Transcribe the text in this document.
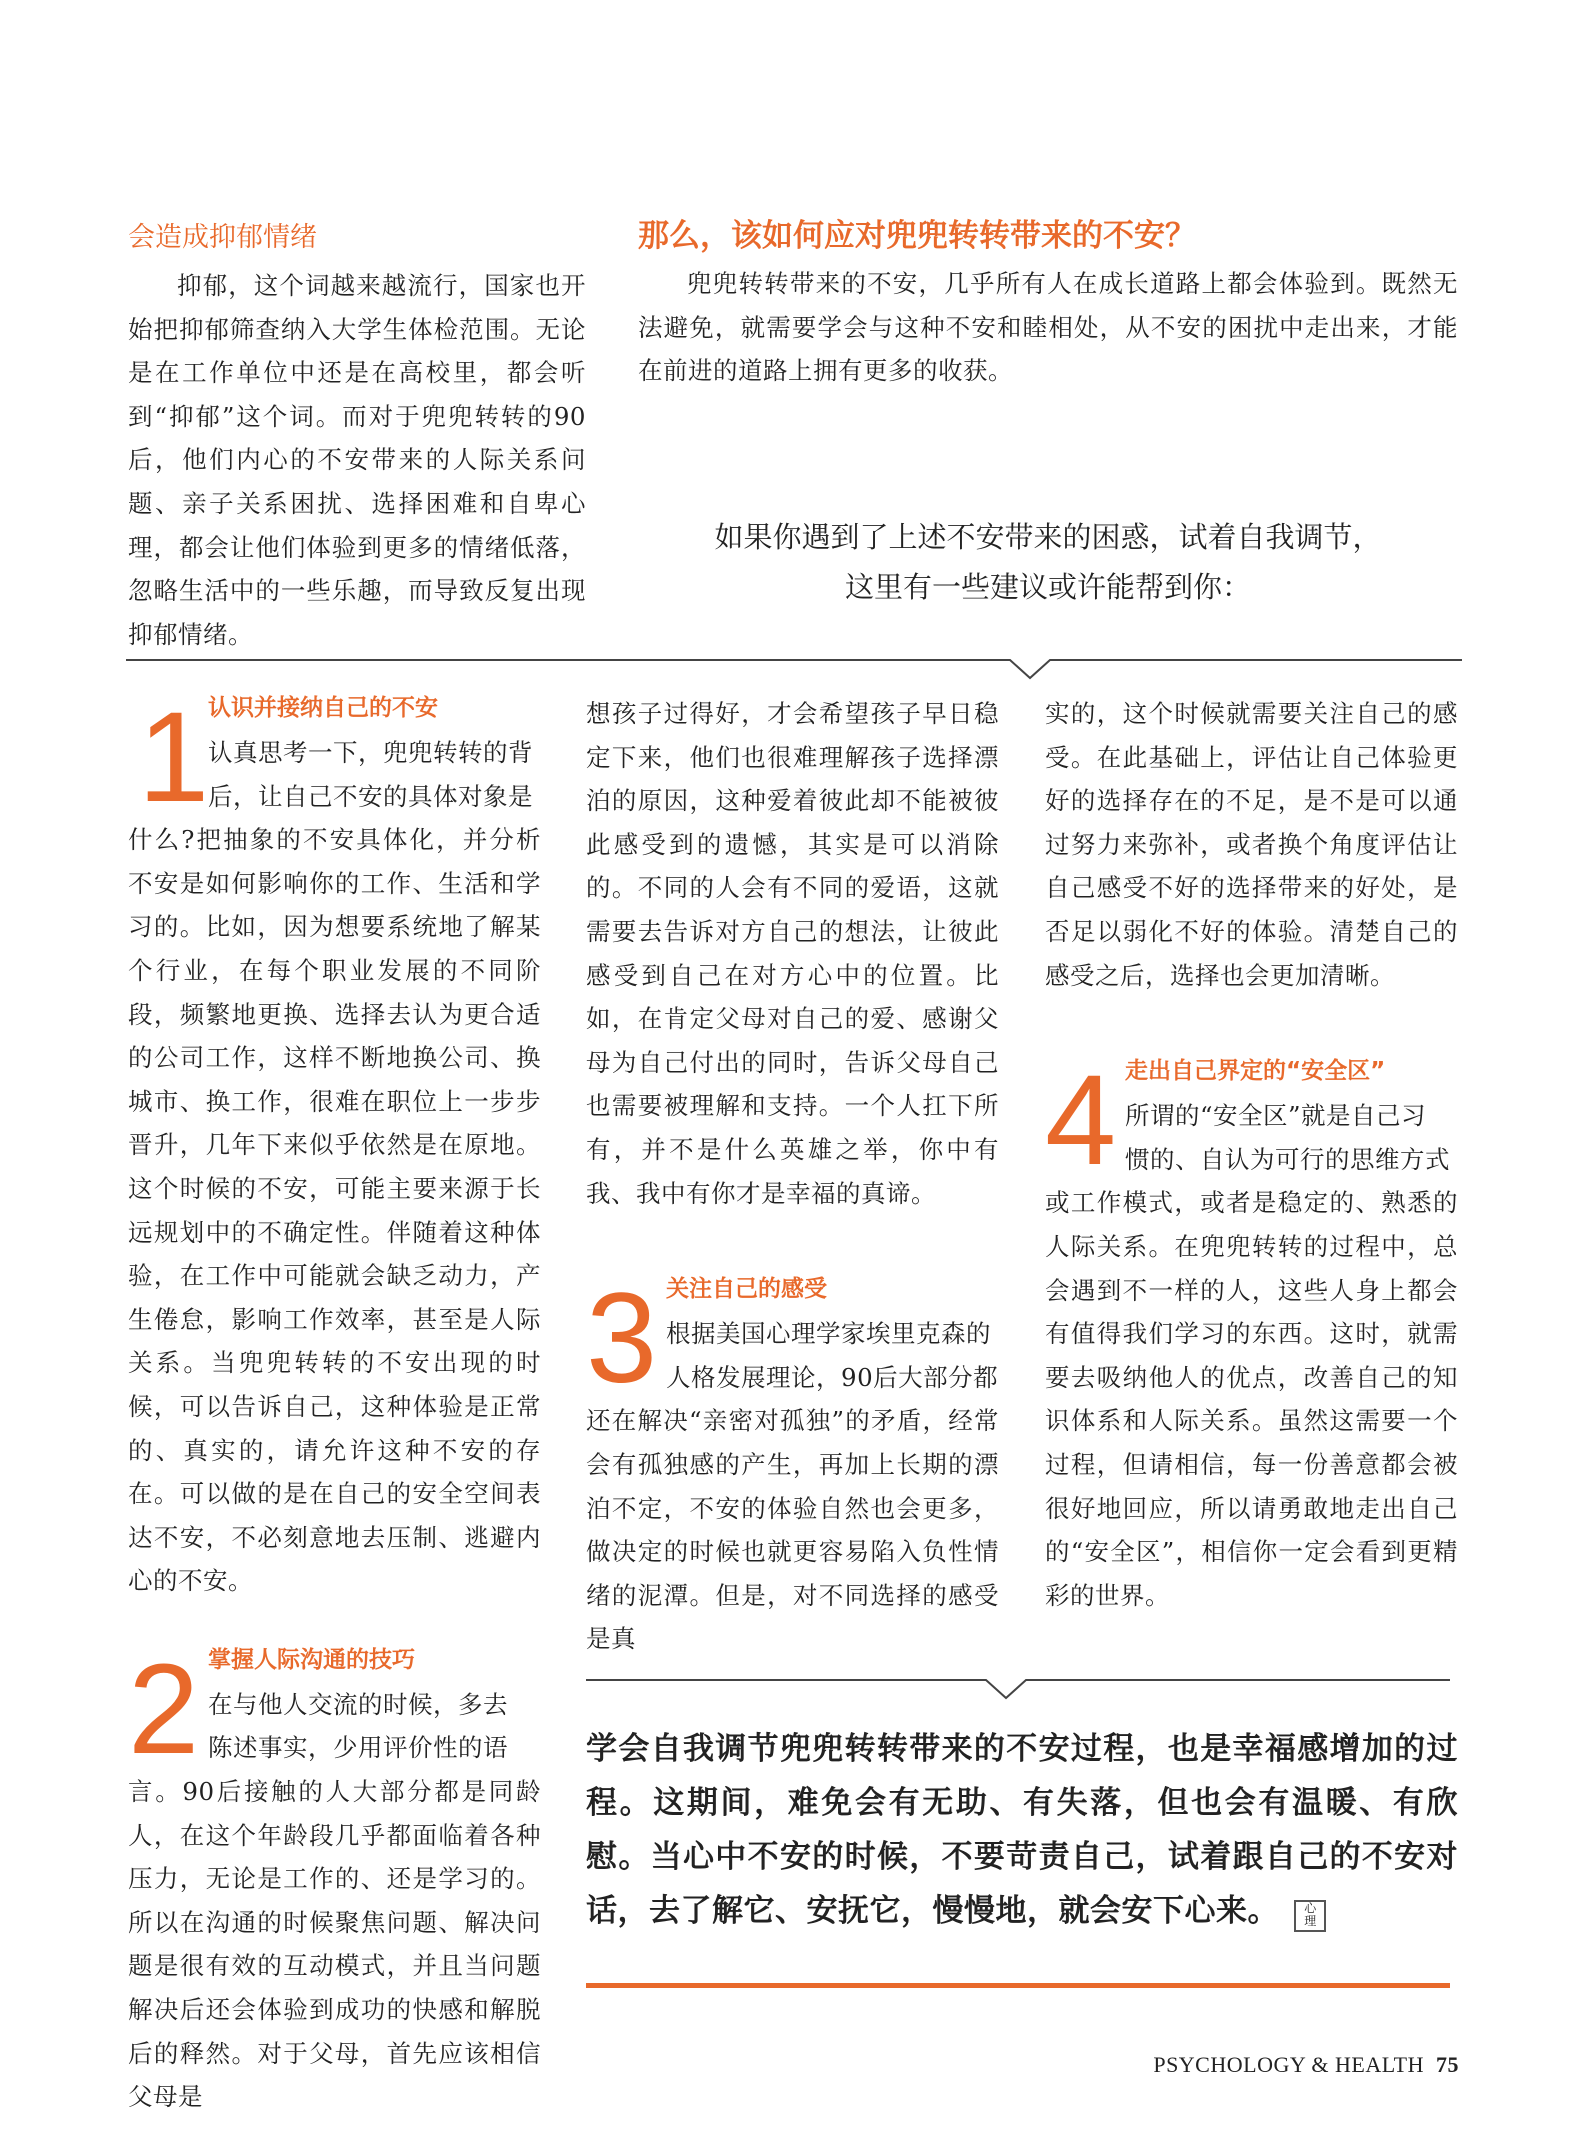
会造成抑郁情绪

抑郁，这个词越来越流行，国家也开始把抑郁筛查纳入大学生体检范围。无论是在工作单位中还是在高校里，都会听到“抑郁”这个词。而对于兜兜转转的90后，他们内心的不安带来的人际关系问题、亲子关系困扰、选择困难和自卑心理，都会让他们体验到更多的情绪低落，忽略生活中的一些乐趣，而导致反复出现抑郁情绪。

那么，该如何应对兜兜转转带来的不安？

兜兜转转带来的不安，几乎所有人在成长道路上都会体验到。既然无法避免，就需要学会与这种不安和睦相处，从不安的困扰中走出来，才能在前进的道路上拥有更多的收获。

如果你遇到了上述不安带来的困惑，试着自我调节，
这里有一些建议或许能帮到你：
1
认识并接纳自己的不安
认真思考一下，兜兜转转的背
后，让自己不安的具体对象是

什么?把抽象的不安具体化，并分析不安是如何影响你的工作、生活和学习的。比如，因为想要系统地了解某个行业，在每个职业发展的不同阶段，频繁地更换、选择去认为更合适的公司工作，这样不断地换公司、换城市、换工作，很难在职位上一步步晋升，几年下来似乎依然是在原地。这个时候的不安，可能主要来源于长远规划中的不确定性。伴随着这种体验，在工作中可能就会缺乏动力，产生倦怠，影响工作效率，甚至是人际关系。当兜兜转转的不安出现的时候，可以告诉自己，这种体验是正常的、真实的，请允许这种不安的存在。可以做的是在自己的安全空间表达不安，不必刻意地去压制、逃避内心的不安。

2 掌握人际沟通的技巧
在与他人交流的时候，多去
陈述事实，少用评价性的语

言。90后接触的人大部分都是同龄人，在这个年龄段几乎都面临着各种压力，无论是工作的、还是学习的。所以在沟通的时候聚焦问题、解决问题是很有效的互动模式，并且当问题解决后还会体验到成功的快感和解脱后的释然。对于父母，首先应该相信父母是

想孩子过得好，才会希望孩子早日稳定下来，他们也很难理解孩子选择漂泊的原因，这种爱着彼此却不能被彼此感受到的遗憾，其实是可以消除的。不同的人会有不同的爱语，这就需要去告诉对方自己的想法，让彼此感受到自己在对方心中的位置。比如，在肯定父母对自己的爱、感谢父母为自己付出的同时，告诉父母自己也需要被理解和支持。一个人扛下所有，并不是什么英雄之举，你中有我、我中有你才是幸福的真谛。

3 关注自己的感受
根据美国心理学家埃里克森的
人格发展理论，90后大部分都

还在解决“亲密对孤独”的矛盾，经常会有孤独感的产生，再加上长期的漂泊不定，不安的体验自然也会更多，做决定的时候也就更容易陷入负性情绪的泥潭。但是，对不同选择的感受是真

实的，这个时候就需要关注自己的感受。在此基础上，评估让自己体验更好的选择存在的不足，是不是可以通过努力来弥补，或者换个角度评估让自己感受不好的选择带来的好处，是否足以弱化不好的体验。清楚自己的感受之后，选择也会更加清晰。

4 走出自己界定的“安全区”
所谓的“安全区”就是自己习
惯的、自认为可行的思维方式

或工作模式，或者是稳定的、熟悉的人际关系。在兜兜转转的过程中，总会遇到不一样的人，这些人身上都会有值得我们学习的东西。这时，就需要去吸纳他人的优点，改善自己的知识体系和人际关系。虽然这需要一个过程，但请相信，每一份善意都会被很好地回应，所以请勇敢地走出自己的“安全区”，相信你一定会看到更精彩的世界。

学会自我调节兜兜转转带来的不安过程，也是幸福感增加的过程。这期间，难免会有无助、有失落，但也会有温暖、有欣慰。当心中不安的时候，不要苛责自己，试着跟自己的不安对话，去了解它、安抚它，慢慢地，就会安下心来。 心理

PSYCHOLOGY & HEALTH 75
